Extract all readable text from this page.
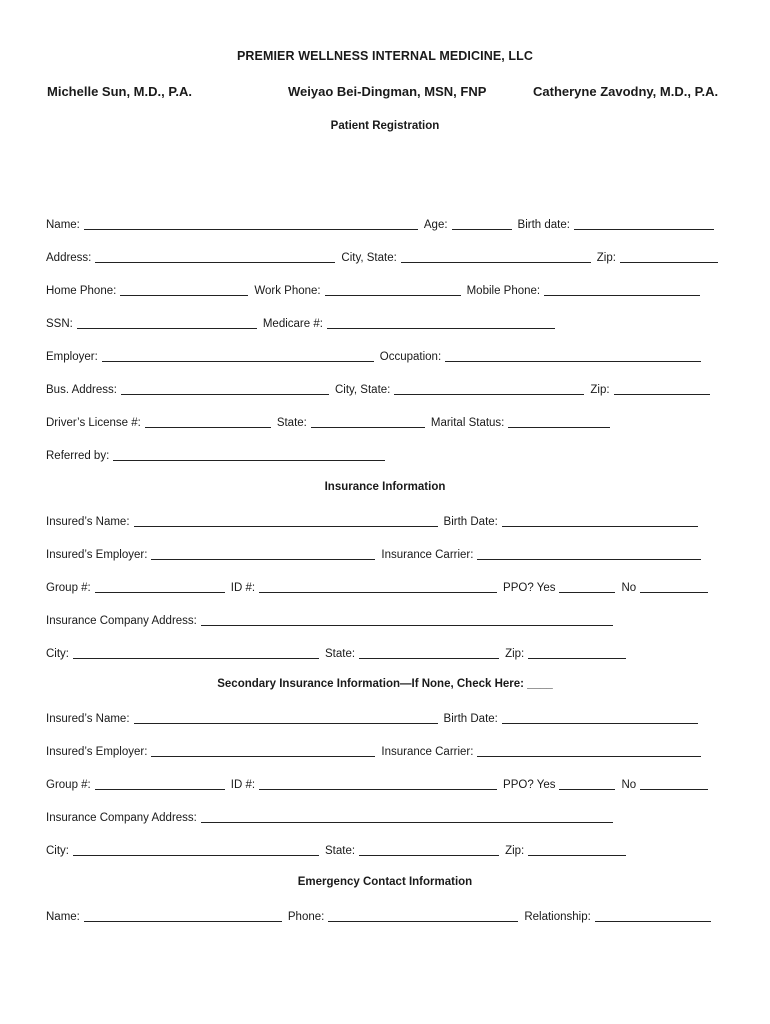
PREMIER WELLNESS INTERNAL MEDICINE, LLC
Michelle Sun, M.D., P.A.	Weiyao Bei-Dingman, MSN, FNP	Catheryne Zavodny, M.D., P.A.
Patient Registration
Name:	Age:	Birth date:
Address:	City, State:	Zip:
Home Phone:	Work Phone:	Mobile Phone:
SSN:	Medicare #:
Employer:	Occupation:
Bus. Address:	City, State:	Zip:
Driver’s License #:	State:	Marital Status:
Referred by:
Insurance Information
Insured’s Name:	Birth Date:
Insured’s Employer:	Insurance Carrier:
Group #:	ID #:	PPO? Yes	No
Insurance Company Address:
City:	State:	Zip:
Secondary Insurance Information—If None, Check Here: ____
Insured’s Name:	Birth Date:
Insured’s Employer:	Insurance Carrier:
Group #:	ID #:	PPO? Yes	No
Insurance Company Address:
City:	State:	Zip:
Emergency Contact Information
Name:	Phone:	Relationship:
